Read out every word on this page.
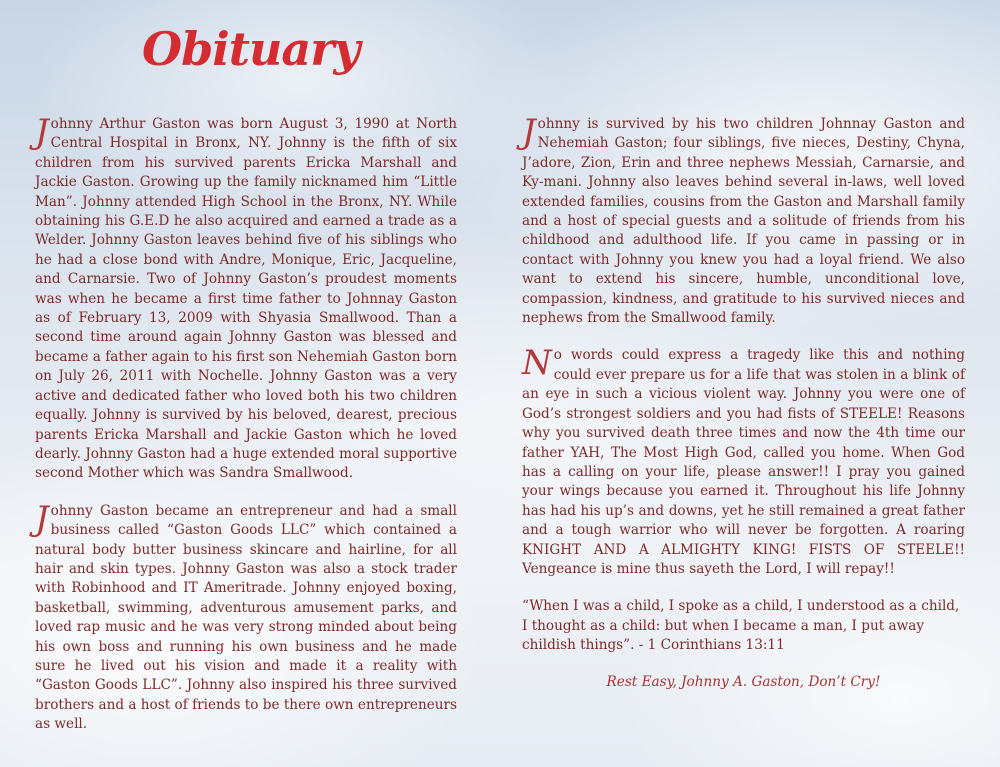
Obituary

Johnny Arthur Gaston was born August 3, 1990 at North Central Hospital in Bronx, NY. Johnny is the fifth of six children from his survived parents Ericka Marshall and Jackie Gaston. Growing up the family nicknamed him “Little Man”. Johnny attended High School in the Bronx, NY. While obtaining his G.E.D he also acquired and earned a trade as a Welder. Johnny Gaston leaves behind five of his siblings who he had a close bond with Andre, Monique, Eric, Jacqueline, and Carnarsie. Two of Johnny Gaston’s proudest moments was when he became a first time father to Johnnay Gaston as of February 13, 2009 with Shyasia Smallwood. Than a second time around again Johnny Gaston was blessed and became a father again to his first son Nehemiah Gaston born on July 26, 2011 with Nochelle. Johnny Gaston was a very active and dedicated father who loved both his two children equally. Johnny is survived by his beloved, dearest, precious parents Ericka Marshall and Jackie Gaston which he loved dearly. Johnny Gaston had a huge extended moral supportive second Mother which was Sandra Smallwood.

Johnny Gaston became an entrepreneur and had a small business called “Gaston Goods LLC” which contained a natural body butter business skincare and hairline, for all hair and skin types. Johnny Gaston was also a stock trader with Robinhood and IT Ameritrade. Johnny enjoyed boxing, basketball, swimming, adventurous amusement parks, and loved rap music and he was very strong minded about being his own boss and running his own business and he made sure he lived out his vision and made it a reality with “Gaston Goods LLC”. Johnny also inspired his three survived brothers and a host of friends to be there own entrepreneurs as well.

Johnny is survived by his two children Johnnay Gaston and Nehemiah Gaston; four siblings, five nieces, Destiny, Chyna, J’adore, Zion, Erin and three nephews Messiah, Carnarsie, and Ky-mani. Johnny also leaves behind several in-laws, well loved extended families, cousins from the Gaston and Marshall family and a host of special guests and a solitude of friends from his childhood and adulthood life. If you came in passing or in contact with Johnny you knew you had a loyal friend. We also want to extend his sincere, humble, unconditional love, compassion, kindness, and gratitude to his survived nieces and nephews from the Smallwood family.

No words could express a tragedy like this and nothing could ever prepare us for a life that was stolen in a blink of an eye in such a vicious violent way. Johnny you were one of God’s strongest soldiers and you had fists of STEELE! Reasons why you survived death three times and now the 4th time our father YAH, The Most High God, called you home. When God has a calling on your life, please answer!! I pray you gained your wings because you earned it. Throughout his life Johnny has had his up’s and downs, yet he still remained a great father and a tough warrior who will never be forgotten. A roaring KNIGHT AND A ALMIGHTY KING! FISTS OF STEELE!! Vengeance is mine thus sayeth the Lord, I will repay!!

“When I was a child, I spoke as a child, I understood as a child, I thought as a child: but when I became a man, I put away childish things”. - 1 Corinthians 13:11

Rest Easy, Johnny A. Gaston, Don’t Cry!
